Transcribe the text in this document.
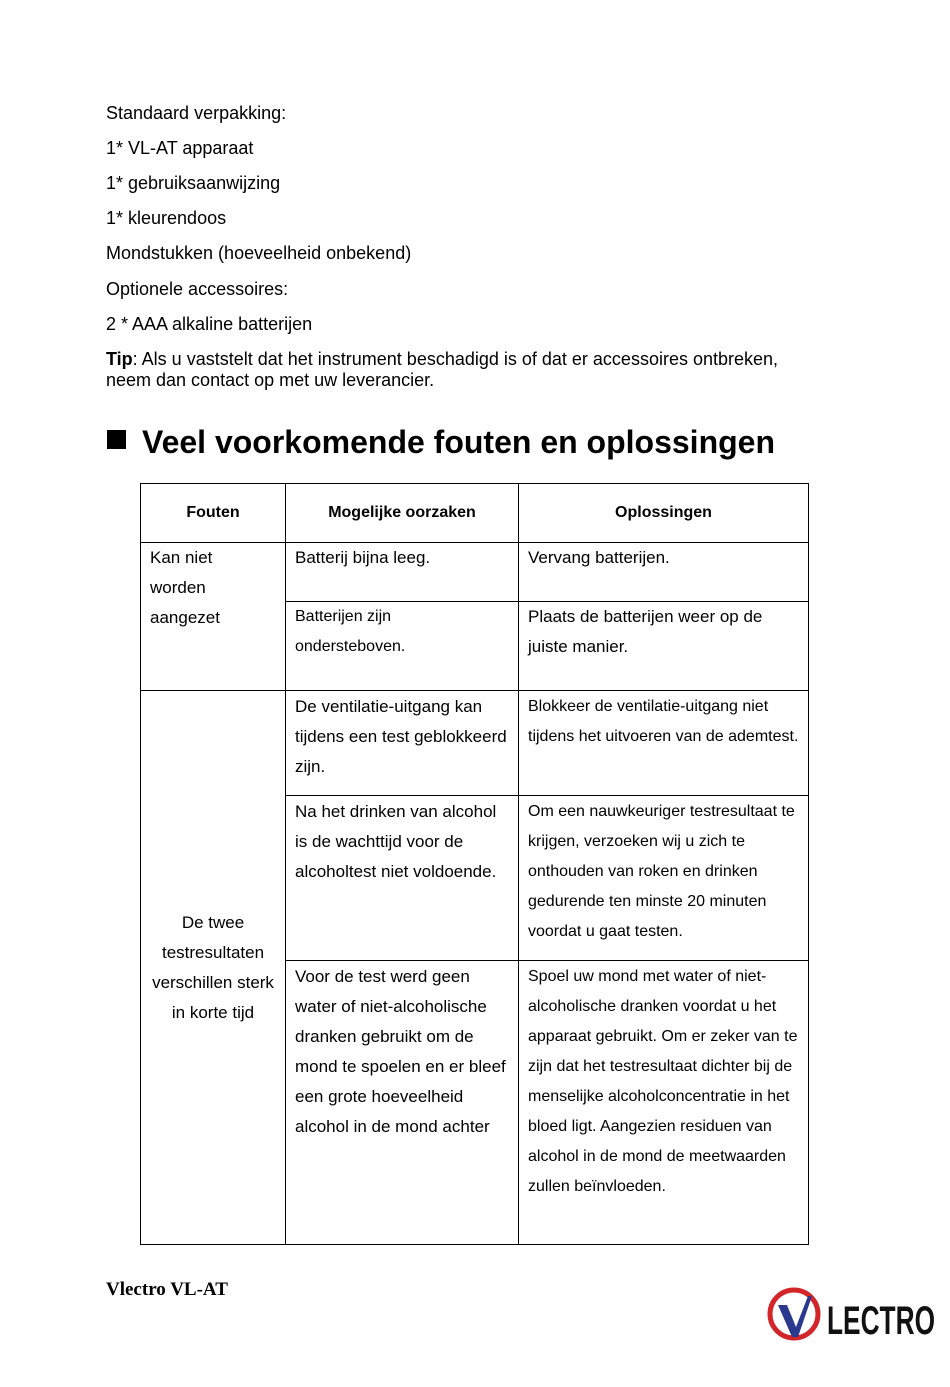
Standaard verpakking:

1* VL-AT apparaat

1* gebruiksaanwijzing

1* kleurendoos

Mondstukken (hoeveelheid onbekend)

Optionele accessoires:

2 * AAA alkaline batterijen

Tip: Als u vaststelt dat het instrument beschadigd is of dat er accessoires ontbreken, neem dan contact op met uw leverancier.

Veel voorkomende fouten en oplossingen
Fouten	Mogelijke oorzaken	Oplossingen

Kan niet worden aangezet	Batterij bijna leeg.	Vervang batterijen.

	Batterijen zijn ondersteboven.	Plaats de batterijen weer op de juiste manier.

De twee testresultaten verschillen sterk in korte tijd	De ventilatie-uitgang kan tijdens een test geblokkeerd zijn.	Blokkeer de ventilatie-uitgang niet tijdens het uitvoeren van de ademtest.
	Na het drinken van alcohol is de wachttijd voor de alcoholtest niet voldoende.	Om een nauwkeuriger testresultaat te krijgen, verzoeken wij u zich te onthouden van roken en drinken gedurende ten minste 20 minuten voordat u gaat testen.
	Voor de test werd geen water of niet-alcoholische dranken gebruikt om de mond te spoelen en er bleef een grote hoeveelheid alcohol in de mond achter	Spoel uw mond met water of niet-alcoholische dranken voordat u het apparaat gebruikt. Om er zeker van te zijn dat het testresultaat dichter bij de menselijke alcoholconcentratie in het bloed ligt. Aangezien residuen van alcohol in de mond de meetwaarden zullen beïnvloeden.

Vlectro VL-AT

LECTRO
